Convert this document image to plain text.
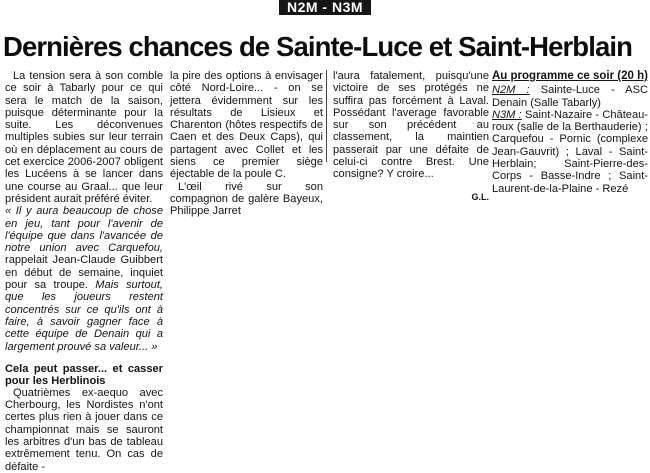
N2M - N3M
Dernières chances de Sainte-Luce et Saint-Herblain

La tension sera à son comble ce soir à Tabarly pour ce qui sera le match de la saison, puisque déterminante pour la suite. Les déconvenues multiples subies sur leur terrain où en déplacement au cours de cet exercice 2006-2007 obligent les Lucéens à se lancer dans une course au Graal... que leur président aurait préféré éviter.

« Il y aura beaucoup de chose en jeu, tant pour l'avenir de l'équipe que dans l'avancée de notre union avec Carquefou, rappelait Jean-Claude Guibbert en début de semaine, inquiet pour sa troupe. Mais surtout, que les joueurs restent concentrés sur ce qu'ils ont à faire, à savoir gagner face à cette équipe de Denain qui a largement prouvé sa valeur... »

Cela peut passer... et casser pour les Herblinois

Quatrièmes ex-aequo avec Cherbourg, les Nordistes n'ont certes plus rien à jouer dans ce championnat mais se sauront les arbitres d'un bas de tableau extrêmement tenu. On cas de défaite -

la pire des options à envisager côté Nord-Loire... - on se jettera évidemment sur les résultats de Lisieux et Charenton (hôtes respectifs de Caen et des Deux Caps), qui partagent avec Collet et les siens ce premier siège éjectable de la poule C.

L'œil rivé sur son compagnon de galère Bayeux, Philippe Jarret

l'aura fatalement, puisqu'une victoire de ses protégés ne suffira pas forcément à Laval. Possédant l'average favorable sur son précédent au classement, la maintien passerait par une défaite de celui-ci contre Brest. Une consigne? Y croire...

G.L.

Au programme ce soir (20 h)

N2M : Sainte-Luce - ASC Denain (Salle Tabarly)

N3M : Saint-Nazaire - Château-roux (salle de la Berthauderie) ; Carquefou - Pornic (complexe Jean-Gauvrit) ; Laval - Saint-Herblain; Saint-Pierre-des-Corps - Basse-Indre ; Saint-Laurent-de-la-Plaine - Rezé
